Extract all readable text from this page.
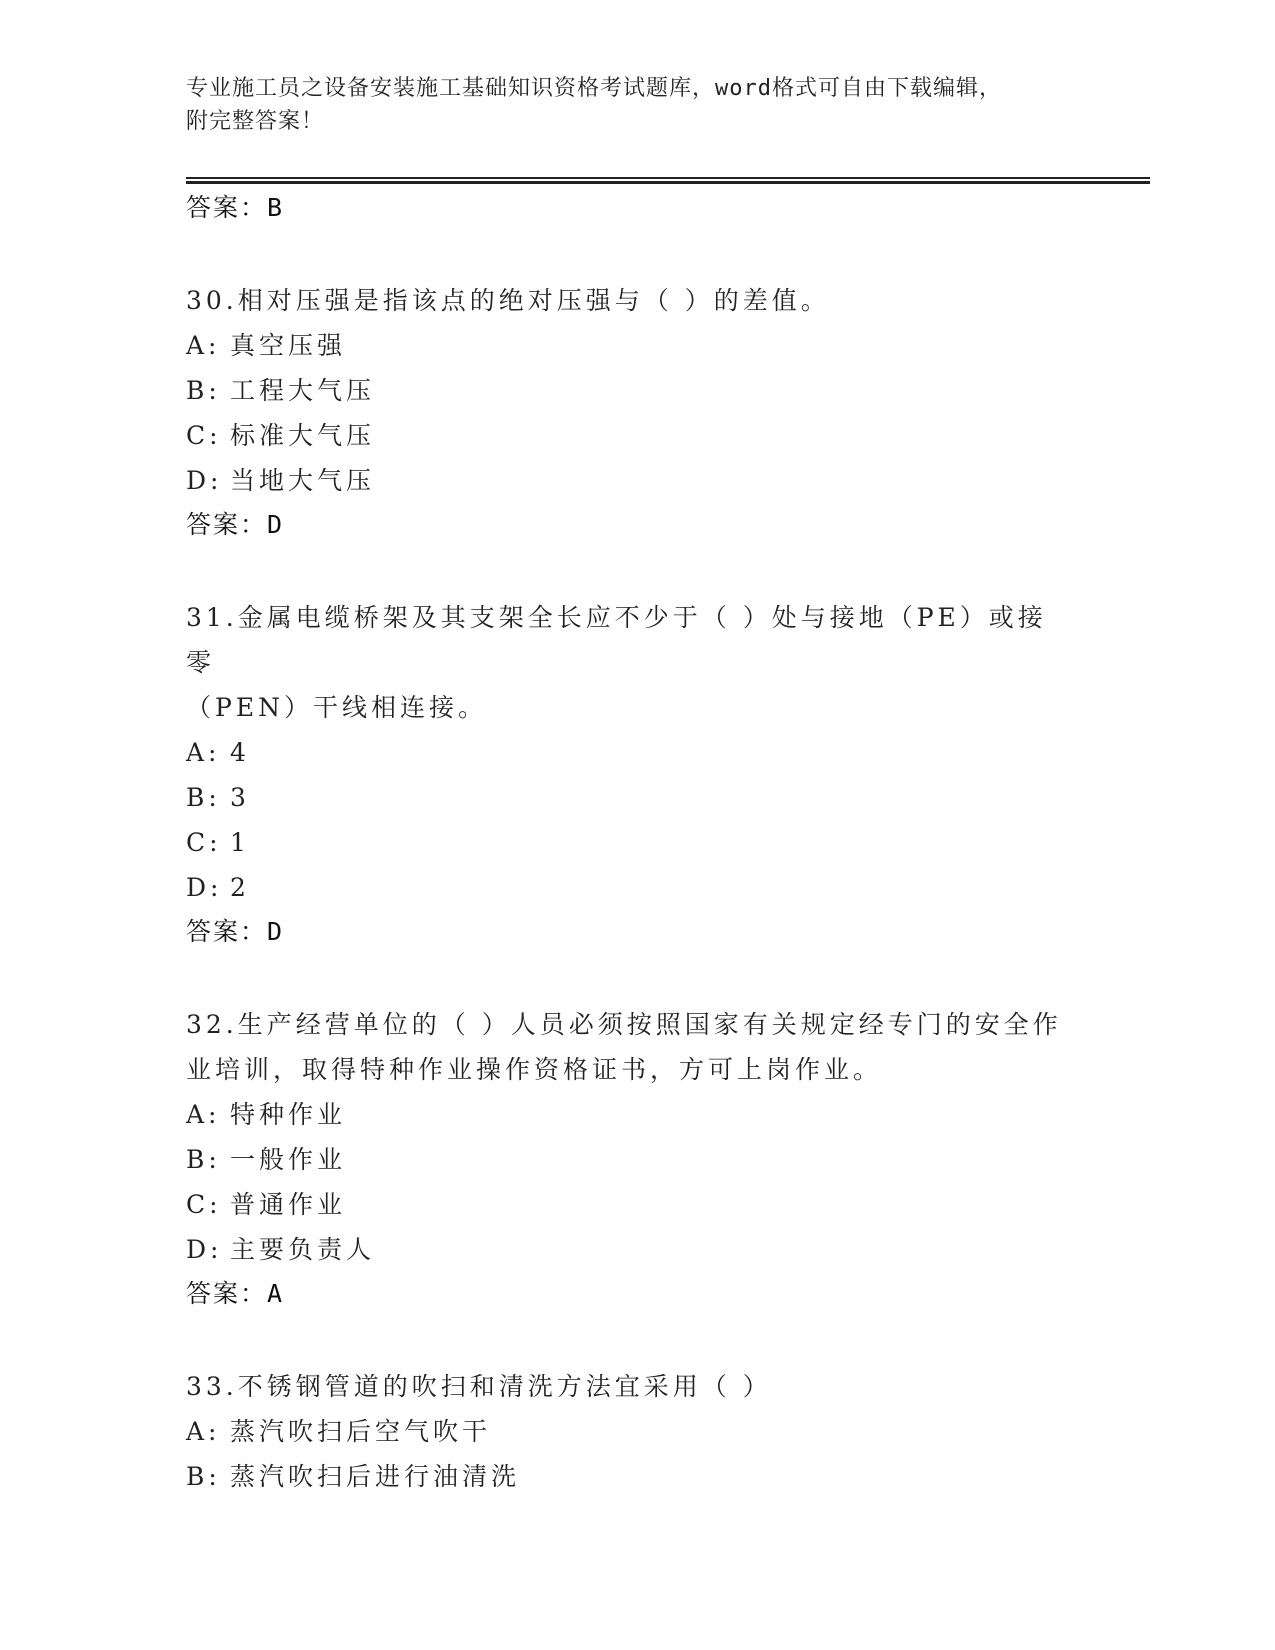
专业施工员之设备安装施工基础知识资格考试题库，word格式可自由下载编辑，
附完整答案！
答案：B
30.相对压强是指该点的绝对压强与（ ）的差值。
A: 真空压强
B: 工程大气压
C: 标准大气压
D: 当地大气压
答案：D
31.金属电缆桥架及其支架全长应不少于（ ）处与接地（PE）或接零
（PEN）干线相连接。
A: 4
B: 3
C: 1
D: 2
答案：D
32.生产经营单位的（ ）人员必须按照国家有关规定经专门的安全作
业培训，取得特种作业操作资格证书，方可上岗作业。
A: 特种作业
B: 一般作业
C: 普通作业
D: 主要负责人
答案：A
33.不锈钢管道的吹扫和清洗方法宜采用（ ）
A: 蒸汽吹扫后空气吹干
B: 蒸汽吹扫后进行油清洗
